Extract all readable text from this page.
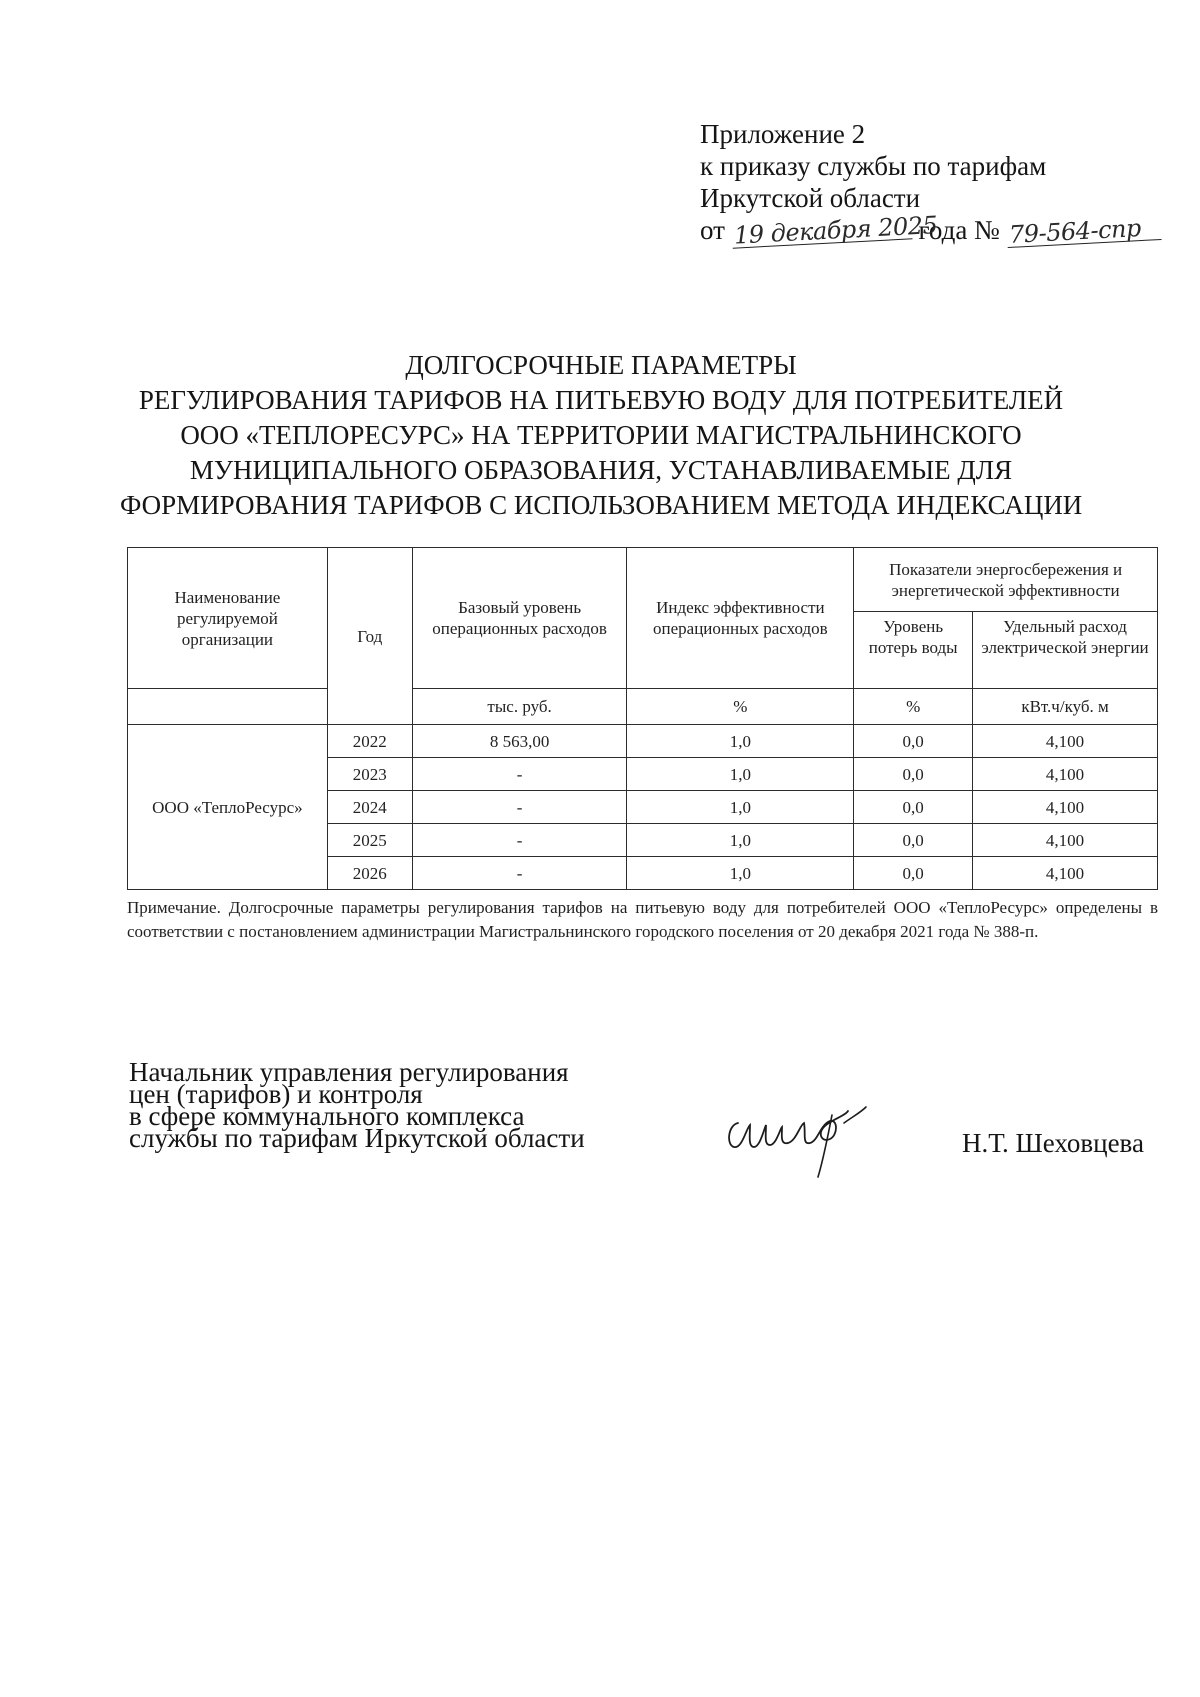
Приложение 2
к приказу службы по тарифам
Иркутской области
от 19 декабря 2025 года № 79-564-спр
ДОЛГОСРОЧНЫЕ ПАРАМЕТРЫ
РЕГУЛИРОВАНИЯ ТАРИФОВ НА ПИТЬЕВУЮ ВОДУ ДЛЯ ПОТРЕБИТЕЛЕЙ
ООО «ТЕПЛОРЕСУРС» НА ТЕРРИТОРИИ МАГИСТРАЛЬНИНСКОГО
МУНИЦИПАЛЬНОГО ОБРАЗОВАНИЯ, УСТАНАВЛИВАЕМЫЕ ДЛЯ
ФОРМИРОВАНИЯ ТАРИФОВ С ИСПОЛЬЗОВАНИЕМ МЕТОДА ИНДЕКСАЦИИ
Наименование регулируемой организации	Год	Базовый уровень операционных расходов	Индекс эффективности операционных расходов	Показатели энергосбережения и энергетической эффективности	
				Уровень потерь воды	Удельный расход электрической энергии
		тыс. руб.	%	%	кВт.ч/куб. м
ООО «ТеплоРесурс»	2022	8 563,00	1,0	0,0	4,100
	2023	-	1,0	0,0	4,100
	2024	-	1,0	0,0	4,100
	2025	-	1,0	0,0	4,100
	2026	-	1,0	0,0	4,100
Примечание. Долгосрочные параметры регулирования тарифов на питьевую воду для потребителей ООО «ТеплоРесурс» определены в соответствии с постановлением администрации Магистральнинского городского поселения от 20 декабря 2021 года № 388-п.
Начальник управления регулирования
цен (тарифов) и контроля
в сфере коммунального комплекса
службы по тарифам Иркутской области	Н.Т. Шеховцева
